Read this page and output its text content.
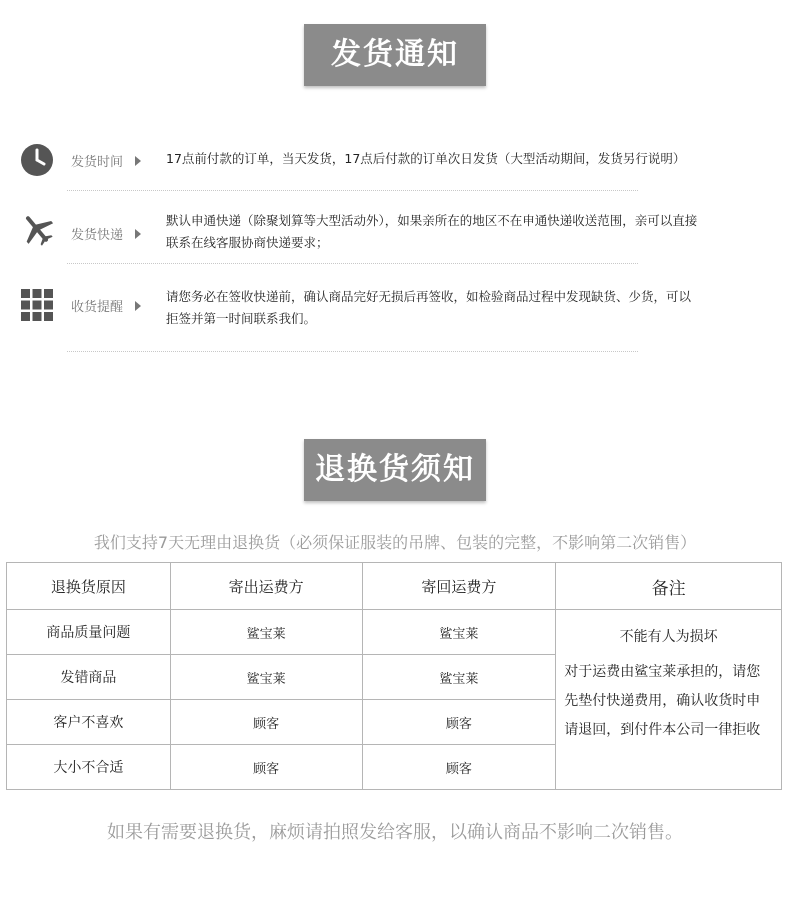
发货通知
发货时间	17点前付款的订单，当天发货，17点后付款的订单次日发货（大型活动期间，发货另行说明）
发货快递
默认申通快递（除聚划算等大型活动外），如果亲所在的地区不在申通快递收送范围，亲可以直接
联系在线客服协商快递要求；
收货提醒
请您务必在签收快递前，确认商品完好无损后再签收，如检验商品过程中发现缺货、少货，可以
拒签并第一时间联系我们。
退换货须知
我们支持7天无理由退换货（必须保证服装的吊牌、包装的完整，不影响第二次销售）
退换货原因	寄出运费方	寄回运费方	备注
商品质量问题	鲨宝莱	鲨宝莱	不能有人为损坏
对于运费由鲨宝莱承担的，请您先垫付快递费用，确认收货时申请退回，到付件本公司一律拒收

发错商品	鲨宝莱	鲨宝莱	
客户不喜欢	顾客	顾客	
大小不合适	顾客	顾客	
如果有需要退换货，麻烦请拍照发给客服，以确认商品不影响二次销售。
